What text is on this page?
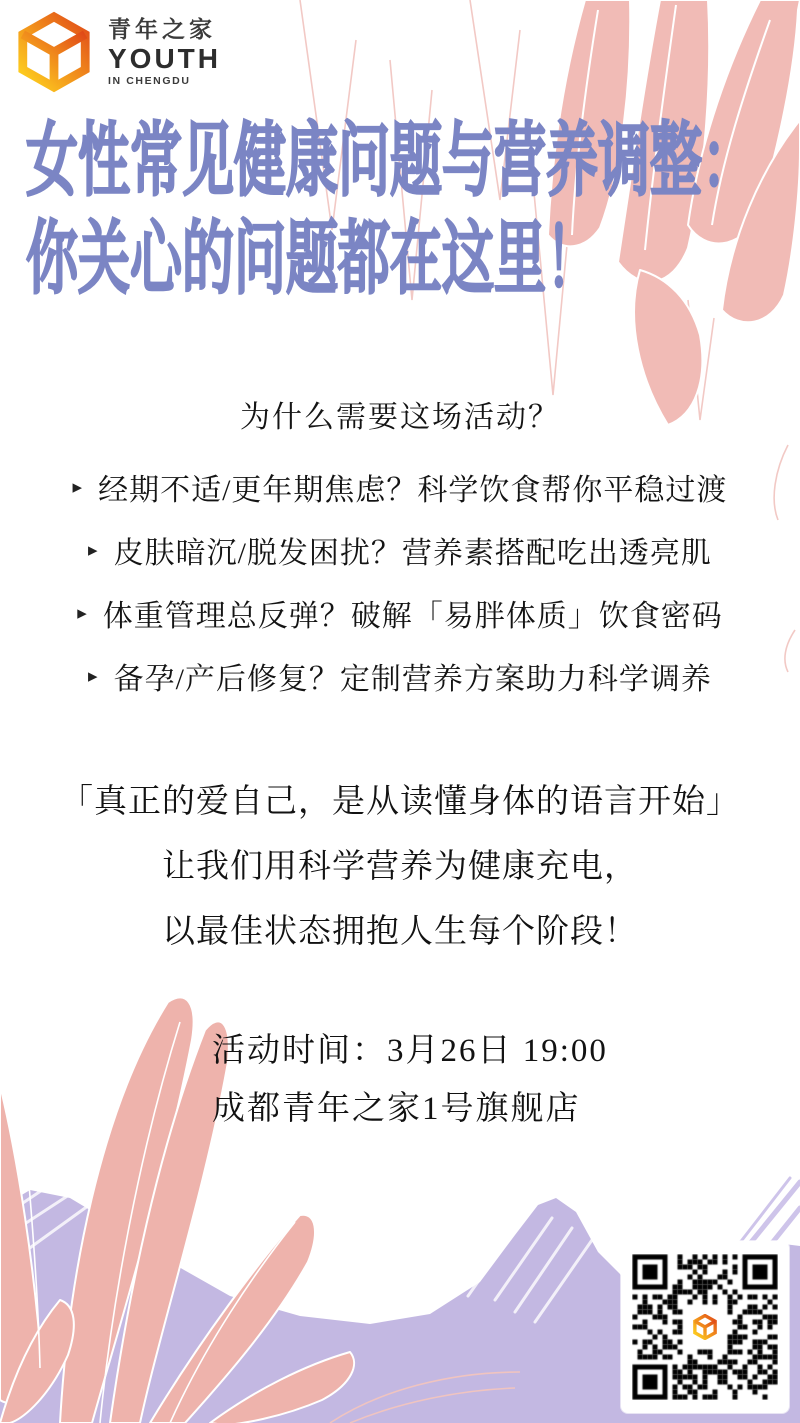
青年之家
YOUTH
IN CHENGDU
女性常见健康问题与营养调整：
你关心的问题都在这里！
为什么需要这场活动？
▸ 经期不适/更年期焦虑？科学饮食帮你平稳过渡
▸ 皮肤暗沉/脱发困扰？营养素搭配吃出透亮肌
▸ 体重管理总反弹？破解「易胖体质」饮食密码
▸ 备孕/产后修复？定制营养方案助力科学调养
「真正的爱自己，是从读懂身体的语言开始」
让我们用科学营养为健康充电，
以最佳状态拥抱人生每个阶段！
活动时间：3月26日 19:00
成都青年之家1号旗舰店
